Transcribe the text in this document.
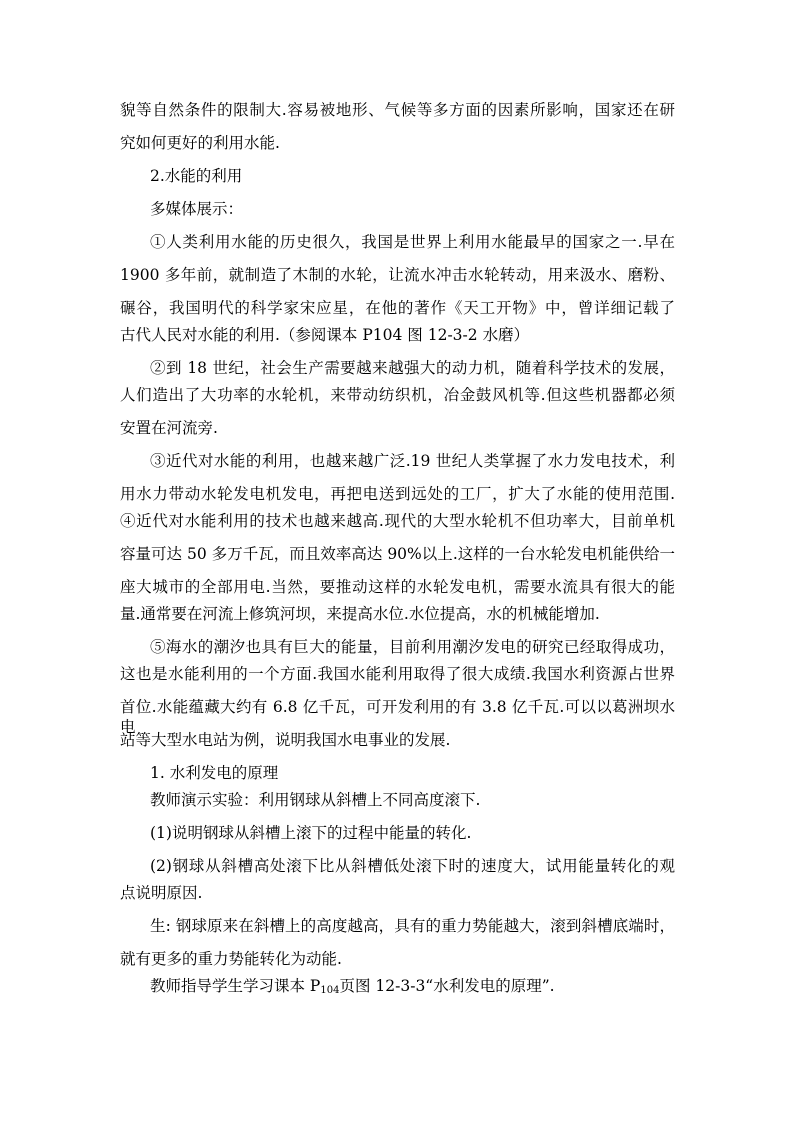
貌等自然条件的限制大.容易被地形、气候等多方面的因素所影响，国家还在研

究如何更好的利用水能.

2.水能的利用

多媒体展示：

①人类利用水能的历史很久，我国是世界上利用水能最早的国家之一.早在

1900 多年前，就制造了木制的水轮，让流水冲击水轮转动，用来汲水、磨粉、

碾谷，我国明代的科学家宋应星，在他的著作《天工开物》中，曾详细记载了

古代人民对水能的利用.（参阅课本 P104 图 12-3-2 水磨）

②到 18 世纪，社会生产需要越来越强大的动力机，随着科学技术的发展，

人们造出了大功率的水轮机，来带动纺织机，冶金鼓风机等.但这些机器都必须

安置在河流旁.

③近代对水能的利用，也越来越广泛.19 世纪人类掌握了水力发电技术，利

用水力带动水轮发电机发电，再把电送到远处的工厂，扩大了水能的使用范围.

④近代对水能利用的技术也越来越高.现代的大型水轮机不但功率大，目前单机

容量可达 50 多万千瓦，而且效率高达 90%以上.这样的一台水轮发电机能供给一

座大城市的全部用电.当然，要推动这样的水轮发电机，需要水流具有很大的能

量.通常要在河流上修筑河坝，来提高水位.水位提高，水的机械能增加.

⑤海水的潮汐也具有巨大的能量，目前利用潮汐发电的研究已经取得成功，

这也是水能利用的一个方面.我国水能利用取得了很大成绩.我国水利资源占世界

首位.水能蕴藏大约有 6.8 亿千瓦，可开发利用的有 3.8 亿千瓦.可以以葛洲坝水电

站等大型水电站为例，说明我国水电事业的发展.

1. 水利发电的原理

教师演示实验：利用钢球从斜槽上不同高度滚下.

(1)说明钢球从斜槽上滚下的过程中能量的转化.

(2)钢球从斜槽高处滚下比从斜槽低处滚下时的速度大，试用能量转化的观

点说明原因.

生: 钢球原来在斜槽上的高度越高，具有的重力势能越大，滚到斜槽底端时，

就有更多的重力势能转化为动能.

教师指导学生学习课本 $P_{104}$页图 12-3-3“水利发电的原理”.
